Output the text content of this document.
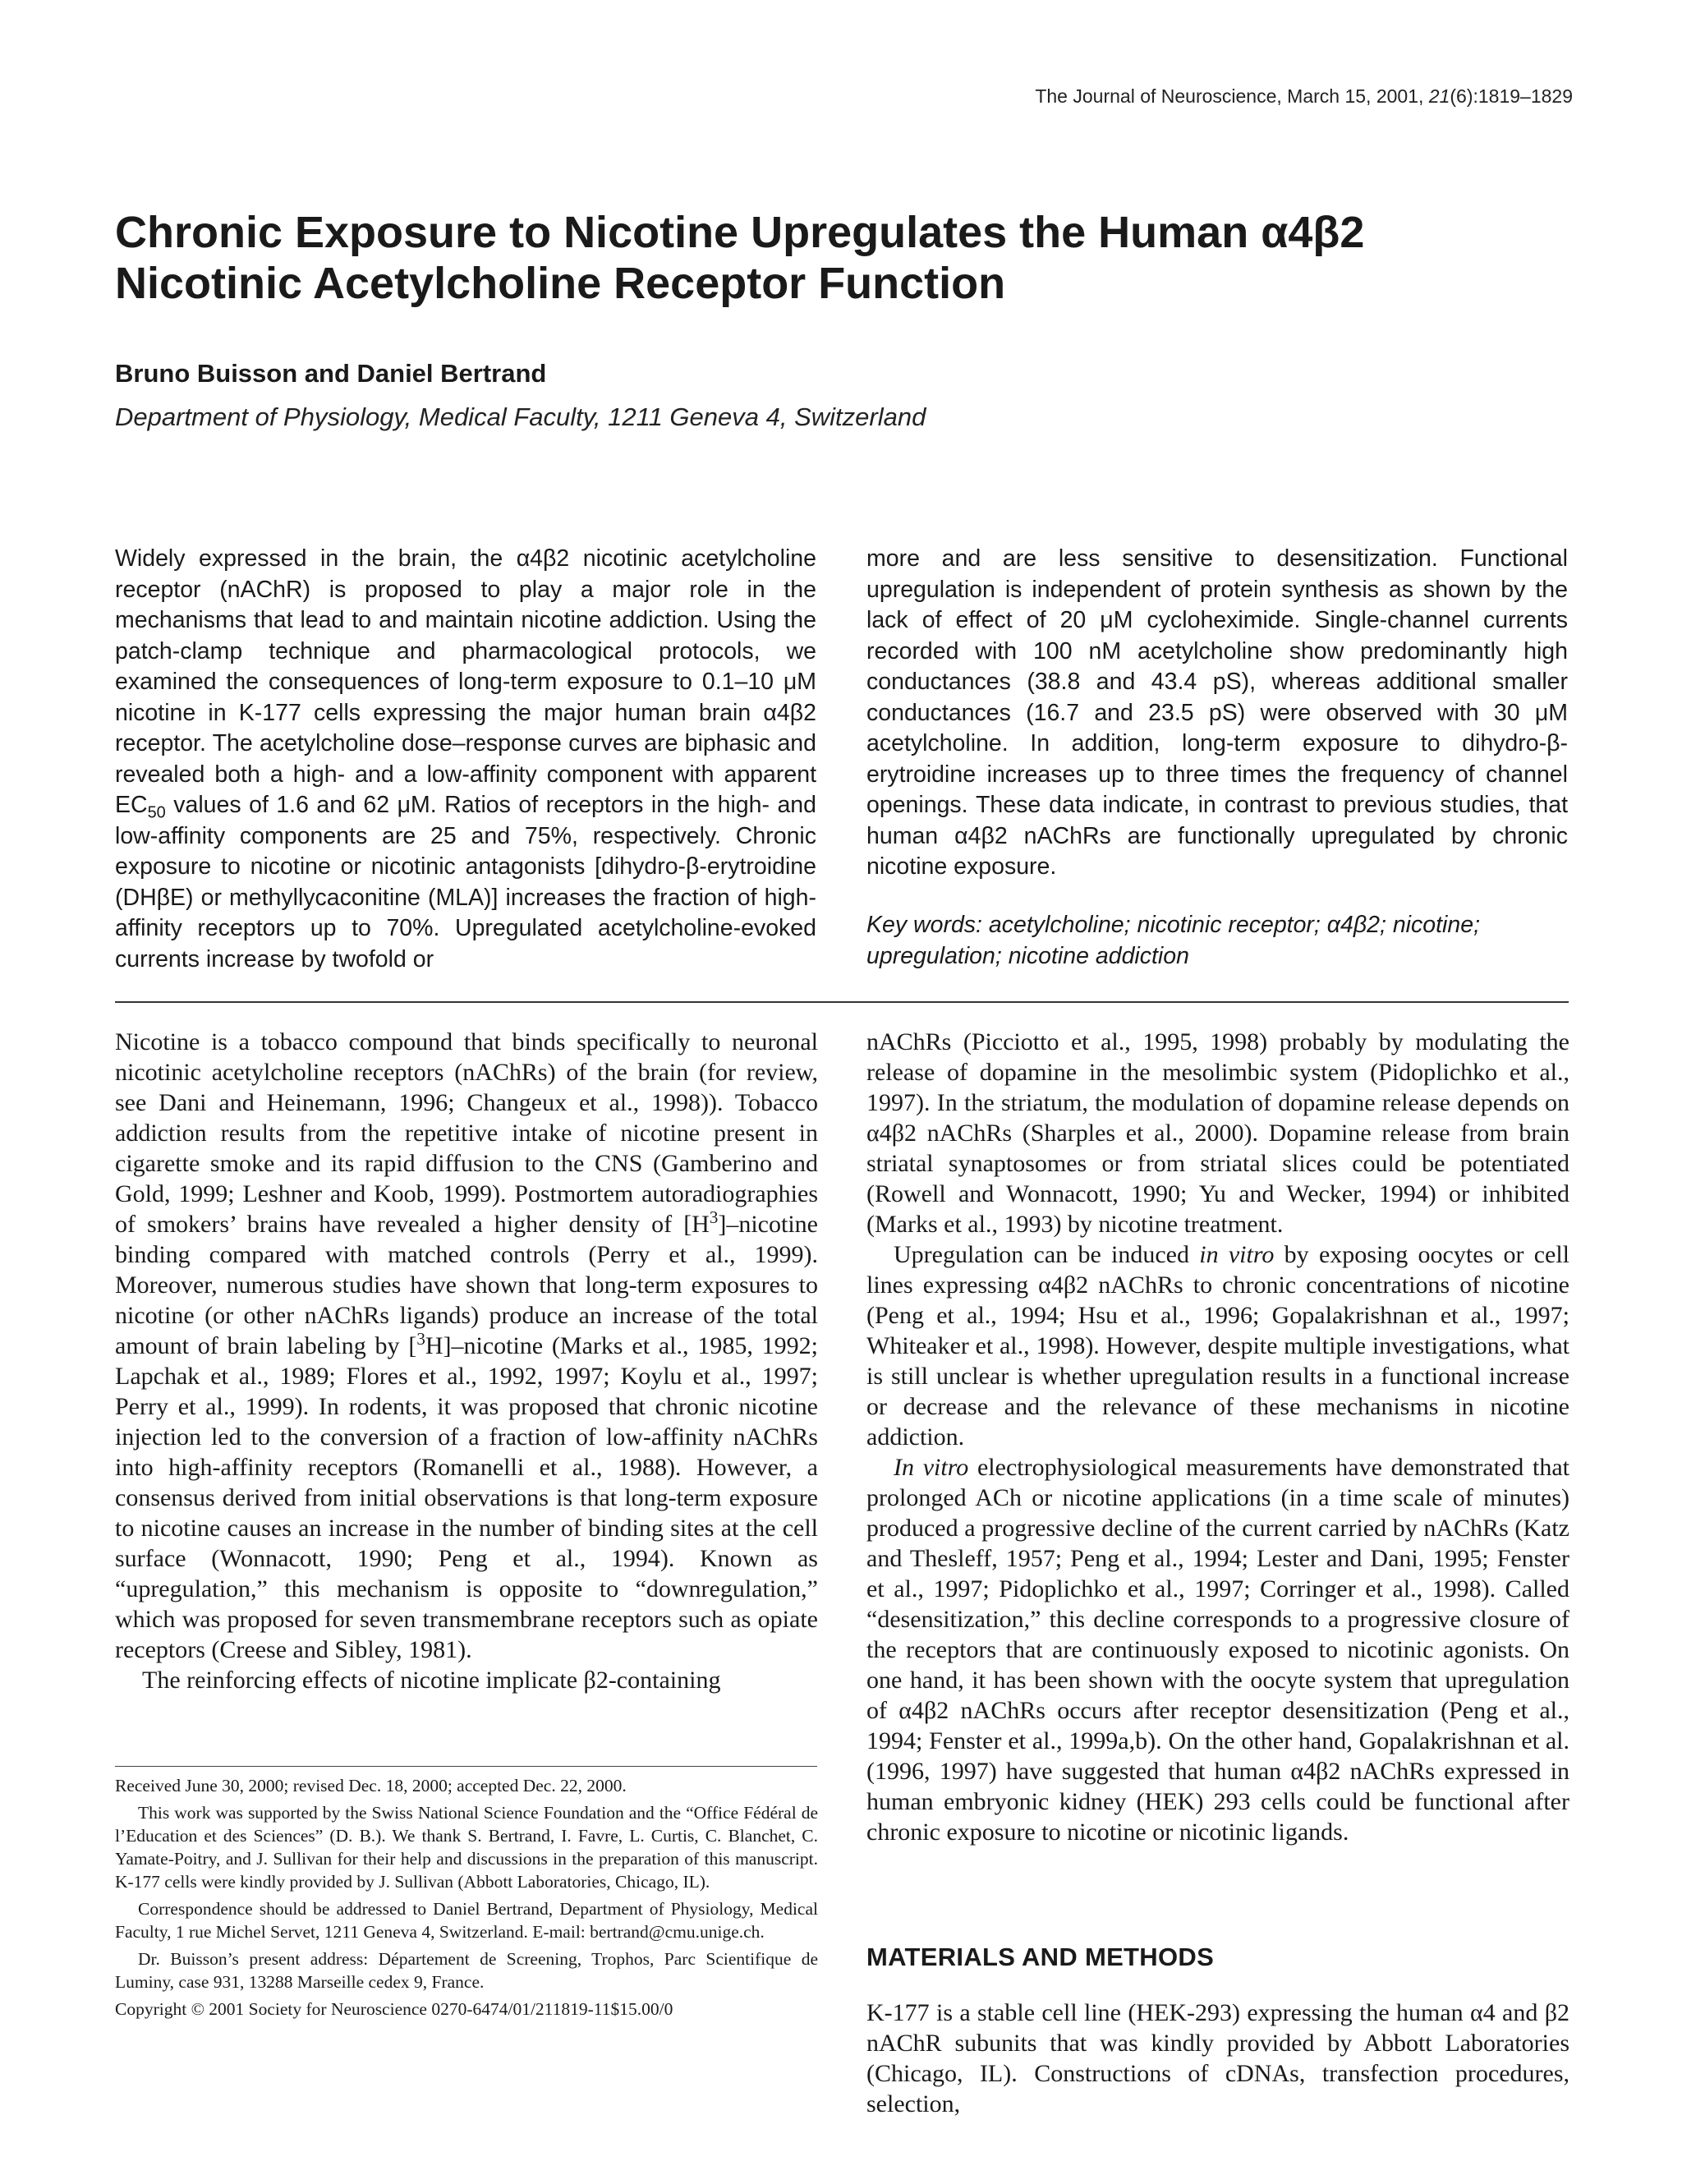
The Journal of Neuroscience, March 15, 2001, 21(6):1819–1829
Chronic Exposure to Nicotine Upregulates the Human α4β2
Nicotinic Acetylcholine Receptor Function
Bruno Buisson and Daniel Bertrand
Department of Physiology, Medical Faculty, 1211 Geneva 4, Switzerland

Widely expressed in the brain, the α4β2 nicotinic acetylcholine receptor (nAChR) is proposed to play a major role in the mechanisms that lead to and maintain nicotine addiction. Using the patch-clamp technique and pharmacological protocols, we examined the consequences of long-term exposure to 0.1–10 μM nicotine in K-177 cells expressing the major human brain α4β2 receptor. The acetylcholine dose–response curves are biphasic and revealed both a high- and a low-affinity component with apparent $EC_{50}$ values of 1.6 and 62 μM. Ratios of receptors in the high- and low-affinity components are 25 and 75%, respectively. Chronic exposure to nicotine or nicotinic antagonists [dihydro-β-erytroidine (DHβE) or methyllycaconitine (MLA)] increases the fraction of high-affinity receptors up to 70%. Upregulated acetylcholine-evoked currents increase by twofold or

more and are less sensitive to desensitization. Functional upregulation is independent of protein synthesis as shown by the lack of effect of 20 μM cycloheximide. Single-channel currents recorded with 100 nM acetylcholine show predominantly high conductances (38.8 and 43.4 pS), whereas additional smaller conductances (16.7 and 23.5 pS) were observed with 30 μM acetylcholine. In addition, long-term exposure to dihydro-β-erytroidine increases up to three times the frequency of channel openings. These data indicate, in contrast to previous studies, that human α4β2 nAChRs are functionally upregulated by chronic nicotine exposure.

Key words: acetylcholine; nicotinic receptor; α4β2; nicotine; upregulation; nicotine addiction

Nicotine is a tobacco compound that binds specifically to neuronal nicotinic acetylcholine receptors (nAChRs) of the brain (for review, see Dani and Heinemann, 1996; Changeux et al., 1998)). Tobacco addiction results from the repetitive intake of nicotine present in cigarette smoke and its rapid diffusion to the CNS (Gamberino and Gold, 1999; Leshner and Koob, 1999). Postmortem autoradiographies of smokers’ brains have revealed a higher density of $[H^3]$–nicotine binding compared with matched controls (Perry et al., 1999). Moreover, numerous studies have shown that long-term exposures to nicotine (or other nAChRs ligands) produce an increase of the total amount of brain labeling by [$^3$H]–nicotine (Marks et al., 1985, 1992; Lapchak et al., 1989; Flores et al., 1992, 1997; Koylu et al., 1997; Perry et al., 1999). In rodents, it was proposed that chronic nicotine injection led to the conversion of a fraction of low-affinity nAChRs into high-affinity receptors (Romanelli et al., 1988). However, a consensus derived from initial observations is that long-term exposure to nicotine causes an increase in the number of binding sites at the cell surface (Wonnacott, 1990; Peng et al., 1994). Known as “upregulation,” this mechanism is opposite to “downregulation,” which was proposed for seven transmembrane receptors such as opiate receptors (Creese and Sibley, 1981).

The reinforcing effects of nicotine implicate β2-containing

Received June 30, 2000; revised Dec. 18, 2000; accepted Dec. 22, 2000.

This work was supported by the Swiss National Science Foundation and the “Office Fédéral de l’Education et des Sciences” (D. B.). We thank S. Bertrand, I. Favre, L. Curtis, C. Blanchet, C. Yamate-Poitry, and J. Sullivan for their help and discussions in the preparation of this manuscript. K-177 cells were kindly provided by J. Sullivan (Abbott Laboratories, Chicago, IL).

Correspondence should be addressed to Daniel Bertrand, Department of Physiology, Medical Faculty, 1 rue Michel Servet, 1211 Geneva 4, Switzerland. E-mail: bertrand@cmu.unige.ch.

Dr. Buisson’s present address: Département de Screening, Trophos, Parc Scientifique de Luminy, case 931, 13288 Marseille cedex 9, France.

Copyright © 2001 Society for Neuroscience 0270-6474/01/211819-11$15.00/0

nAChRs (Picciotto et al., 1995, 1998) probably by modulating the release of dopamine in the mesolimbic system (Pidoplichko et al., 1997). In the striatum, the modulation of dopamine release depends on α4β2 nAChRs (Sharples et al., 2000). Dopamine release from brain striatal synaptosomes or from striatal slices could be potentiated (Rowell and Wonnacott, 1990; Yu and Wecker, 1994) or inhibited (Marks et al., 1993) by nicotine treatment.

Upregulation can be induced in vitro by exposing oocytes or cell lines expressing α4β2 nAChRs to chronic concentrations of nicotine (Peng et al., 1994; Hsu et al., 1996; Gopalakrishnan et al., 1997; Whiteaker et al., 1998). However, despite multiple investigations, what is still unclear is whether upregulation results in a functional increase or decrease and the relevance of these mechanisms in nicotine addiction.

In vitro electrophysiological measurements have demonstrated that prolonged ACh or nicotine applications (in a time scale of minutes) produced a progressive decline of the current carried by nAChRs (Katz and Thesleff, 1957; Peng et al., 1994; Lester and Dani, 1995; Fenster et al., 1997; Pidoplichko et al., 1997; Corringer et al., 1998). Called “desensitization,” this decline corresponds to a progressive closure of the receptors that are continuously exposed to nicotinic agonists. On one hand, it has been shown with the oocyte system that upregulation of α4β2 nAChRs occurs after receptor desensitization (Peng et al., 1994; Fenster et al., 1999a,b). On the other hand, Gopalakrishnan et al. (1996, 1997) have suggested that human α4β2 nAChRs expressed in human embryonic kidney (HEK) 293 cells could be functional after chronic exposure to nicotine or nicotinic ligands.

MATERIALS AND METHODS

K-177 is a stable cell line (HEK-293) expressing the human α4 and β2 nAChR subunits that was kindly provided by Abbott Laboratories (Chicago, IL). Constructions of cDNAs, transfection procedures, selection,
